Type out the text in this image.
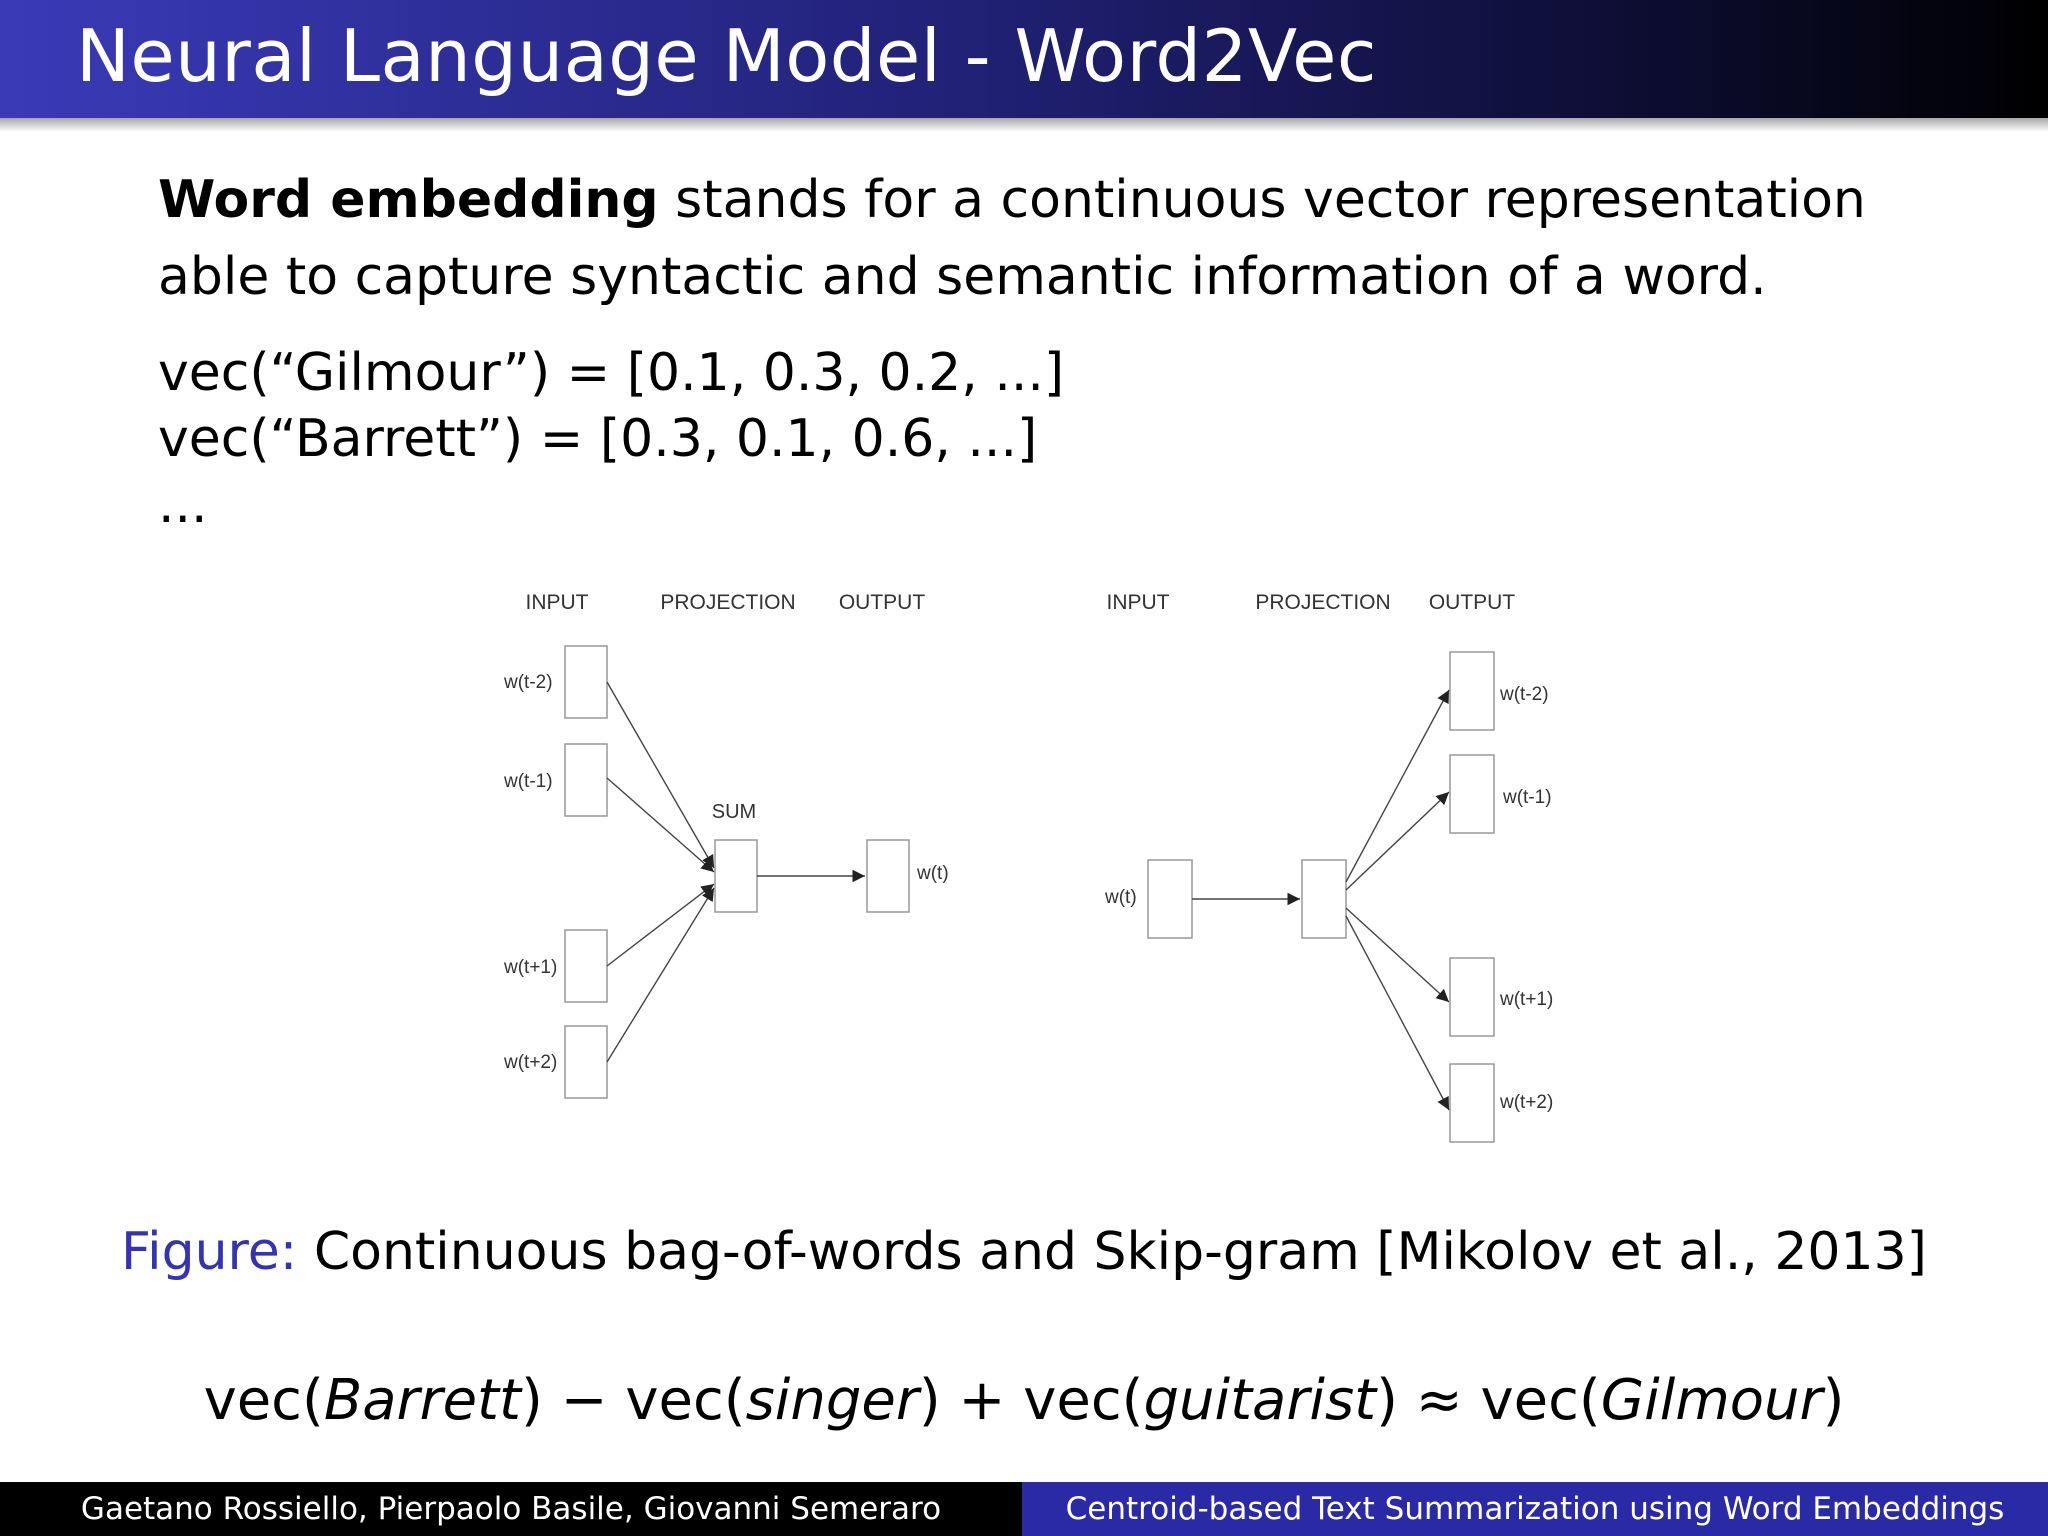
Neural Language Model - Word2Vec

Word embedding stands for a continuous vector representation able to capture syntactic and semantic information of a word.

vec(“Gilmour”) = [0.1, 0.3, 0.2, ...]
vec(“Barrett”) = [0.3, 0.1, 0.6, ...]
...
INPUT	PROJECTION OUTPUT
w(t-2)
w(t-1)
w(t+1)
w(t+2)
SUM
w(t)
INPUT	PROJECTION OUTPUT
w(t)
w(t-2)
w(t-1)
w(t+1)
w(t+2)
Figure: Continuous bag-of-words and Skip-gram [Mikolov et al., 2013]
vec(Barrett) − vec(singer) + vec(guitarist) ≈ vec(Gilmour)
Gaetano Rossiello, Pierpaolo Basile, Giovanni Semeraro	Centroid-based Text Summarization using Word Embeddings
